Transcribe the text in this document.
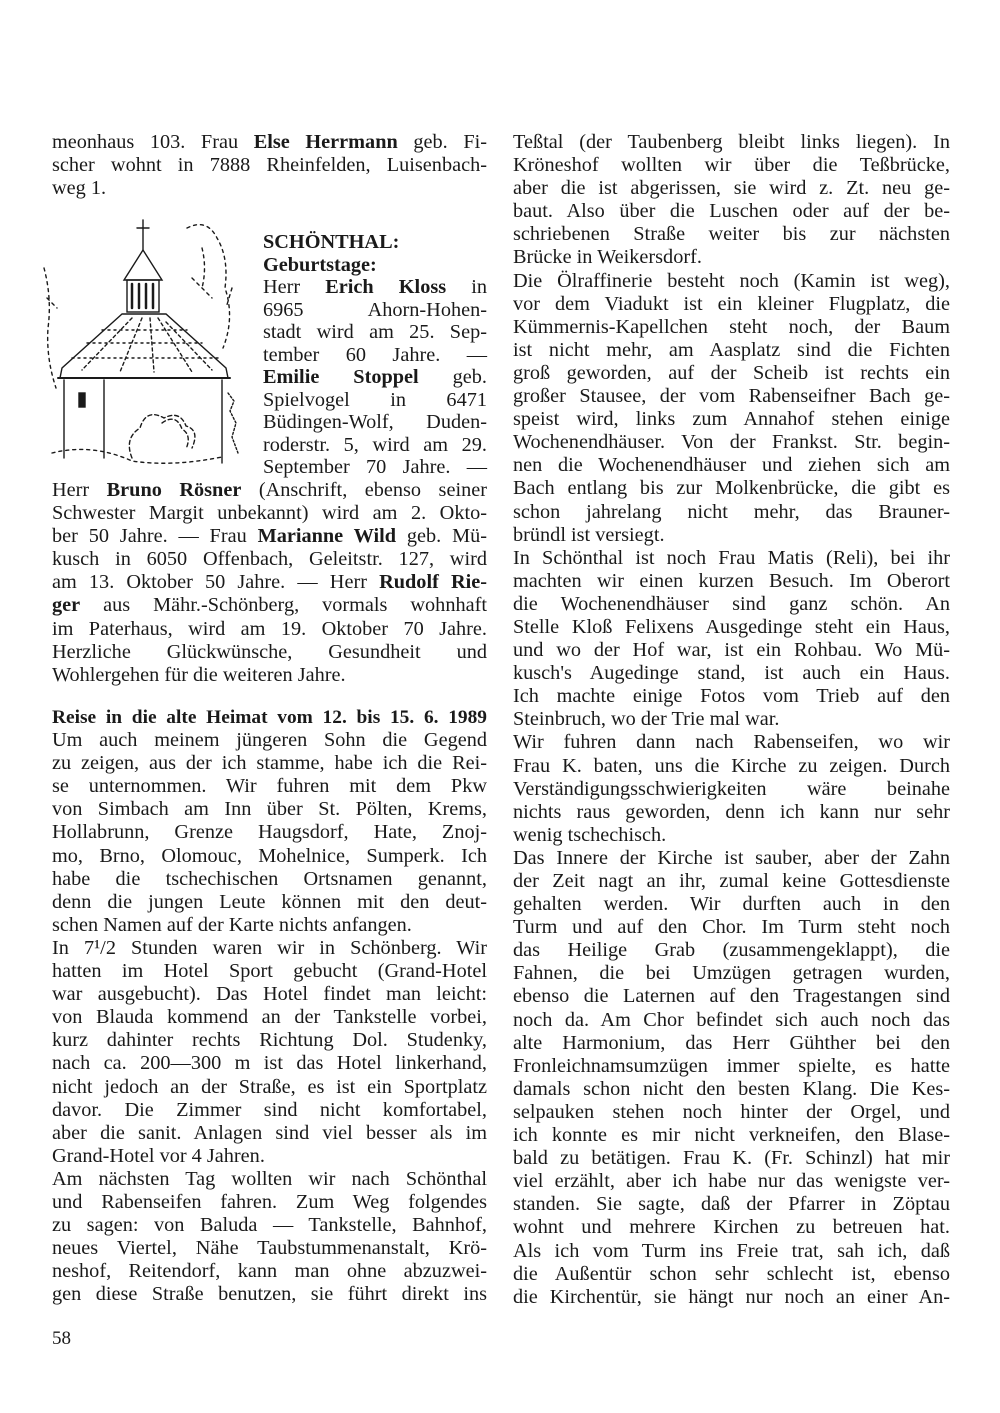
meonhaus 103. Frau Else Herrmann geb. Fi-
scher wohnt in 7888 Rheinfelden, Luisenbach-
weg 1.
SCHÖNTHAL:
Geburtstage:
Herr Erich Kloss in
6965 Ahorn-Hohen-
stadt wird am 25. Sep-
tember 60 Jahre. —
Emilie Stoppel geb.
Spielvogel in 6471
Büdingen-Wolf, Duden-
roderstr. 5, wird am 29.
September 70 Jahre. —
Herr Bruno Rösner (Anschrift, ebenso seiner
Schwester Margit unbekannt) wird am 2. Okto-
ber 50 Jahre. — Frau Marianne Wild geb. Mü-
kusch in 6050 Offenbach, Geleitstr. 127, wird
am 13. Oktober 50 Jahre. — Herr Rudolf Rie-
ger aus Mähr.-Schönberg, vormals wohnhaft
im Paterhaus, wird am 19. Oktober 70 Jahre.
Herzliche Glückwünsche, Gesundheit und
Wohlergehen für die weiteren Jahre.
Reise in die alte Heimat vom 12. bis 15. 6. 1989
Um auch meinem jüngeren Sohn die Gegend
zu zeigen, aus der ich stamme, habe ich die Rei-
se unternommen. Wir fuhren mit dem Pkw
von Simbach am Inn über St. Pölten, Krems,
Hollabrunn, Grenze Haugsdorf, Hate, Znoj-
mo, Brno, Olomouc, Mohelnice, Sumperk. Ich
habe die tschechischen Ortsnamen genannt,
denn die jungen Leute können mit den deut-
schen Namen auf der Karte nichts anfangen.
In 7¹/2 Stunden waren wir in Schönberg. Wir
hatten im Hotel Sport gebucht (Grand-Hotel
war ausgebucht). Das Hotel findet man leicht:
von Blauda kommend an der Tankstelle vorbei,
kurz dahinter rechts Richtung Dol. Studenky,
nach ca. 200—300 m ist das Hotel linkerhand,
nicht jedoch an der Straße, es ist ein Sportplatz
davor. Die Zimmer sind nicht komfortabel,
aber die sanit. Anlagen sind viel besser als im
Grand-Hotel vor 4 Jahren.
Am nächsten Tag wollten wir nach Schönthal
und Rabenseifen fahren. Zum Weg folgendes
zu sagen: von Baluda — Tankstelle, Bahnhof,
neues Viertel, Nähe Taubstummenanstalt, Krö-
neshof, Reitendorf, kann man ohne abzuzwei-
gen diese Straße benutzen, sie führt direkt ins
Teßtal (der Taubenberg bleibt links liegen). In
Kröneshof wollten wir über die Teßbrücke,
aber die ist abgerissen, sie wird z. Zt. neu ge-
baut. Also über die Luschen oder auf der be-
schriebenen Straße weiter bis zur nächsten
Brücke in Weikersdorf.
Die Ölraffinerie besteht noch (Kamin ist weg),
vor dem Viadukt ist ein kleiner Flugplatz, die
Kümmernis-Kapellchen steht noch, der Baum
ist nicht mehr, am Aasplatz sind die Fichten
groß geworden, auf der Scheib ist rechts ein
großer Stausee, der vom Rabenseifner Bach ge-
speist wird, links zum Annahof stehen einige
Wochenendhäuser. Von der Frankst. Str. begin-
nen die Wochenendhäuser und ziehen sich am
Bach entlang bis zur Molkenbrücke, die gibt es
schon jahrelang nicht mehr, das Brauner-
bründl ist versiegt.
In Schönthal ist noch Frau Matis (Reli), bei ihr
machten wir einen kurzen Besuch. Im Oberort
die Wochenendhäuser sind ganz schön. An
Stelle Kloß Felixens Ausgedinge steht ein Haus,
und wo der Hof war, ist ein Rohbau. Wo Mü-
kusch's Augedinge stand, ist auch ein Haus.
Ich machte einige Fotos vom Trieb auf den
Steinbruch, wo der Trie mal war.
Wir fuhren dann nach Rabenseifen, wo wir
Frau K. baten, uns die Kirche zu zeigen. Durch
Verständigungsschwierigkeiten wäre beinahe
nichts raus geworden, denn ich kann nur sehr
wenig tschechisch.
Das Innere der Kirche ist sauber, aber der Zahn
der Zeit nagt an ihr, zumal keine Gottesdienste
gehalten werden. Wir durften auch in den
Turm und auf den Chor. Im Turm steht noch
das Heilige Grab (zusammengeklappt), die
Fahnen, die bei Umzügen getragen wurden,
ebenso die Laternen auf den Tragestangen sind
noch da. Am Chor befindet sich auch noch das
alte Harmonium, das Herr Gühther bei den
Fronleichnamsumzügen immer spielte, es hatte
damals schon nicht den besten Klang. Die Kes-
selpauken stehen noch hinter der Orgel, und
ich konnte es mir nicht verkneifen, den Blase-
bald zu betätigen. Frau K. (Fr. Schinzl) hat mir
viel erzählt, aber ich habe nur das wenigste ver-
standen. Sie sagte, daß der Pfarrer in Zöptau
wohnt und mehrere Kirchen zu betreuen hat.
Als ich vom Turm ins Freie trat, sah ich, daß
die Außentür schon sehr schlecht ist, ebenso
die Kirchentür, sie hängt nur noch an einer An-
58
